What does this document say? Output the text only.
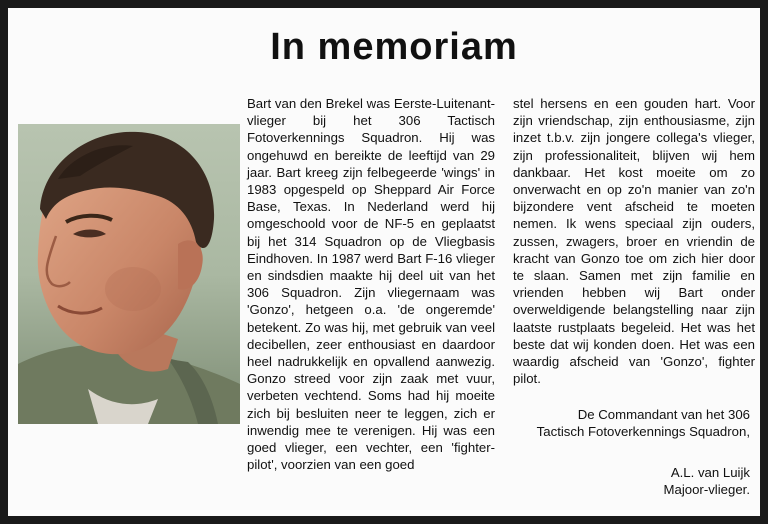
In memoriam

Bart van den Brekel was Eerste-Luitenant-vlieger bij het 306 Tactisch Fotoverkennings Squadron. Hij was ongehuwd en bereikte de leeftijd van 29 jaar. Bart kreeg zijn felbegeerde 'wings' in 1983 opgespeld op Sheppard Air Force Base, Texas. In Nederland werd hij omgeschoold voor de NF-5 en geplaatst bij het 314 Squadron op de Vliegbasis Eindhoven. In 1987 werd Bart F-16 vlieger en sindsdien maakte hij deel uit van het 306 Squadron. Zijn vliegernaam was 'Gonzo', hetgeen o.a. 'de ongeremde' betekent. Zo was hij, met gebruik van veel decibellen, zeer enthousiast en daardoor heel nadrukkelijk en opvallend aanwezig. Gonzo streed voor zijn zaak met vuur, verbeten vechtend. Soms had hij moeite zich bij besluiten neer te leggen, zich er inwendig mee te verenigen. Hij was een goed vlieger, een vechter, een 'fighter-pilot', voorzien van een goed

stel hersens en een gouden hart. Voor zijn vriendschap, zijn enthousiasme, zijn inzet t.b.v. zijn jongere collega's vlieger, zijn professionaliteit, blijven wij hem dankbaar. Het kost moeite om zo onverwacht en op zo'n manier van zo'n bijzondere vent afscheid te moeten nemen. Ik wens speciaal zijn ouders, zussen, zwagers, broer en vriendin de kracht van Gonzo toe om zich hier door te slaan. Samen met zijn familie en vrienden hebben wij Bart onder overweldigende belangstelling naar zijn laatste rustplaats begeleid. Het was het beste dat wij konden doen. Het was een waardig afscheid van 'Gonzo', fighter pilot.

De Commandant van het 306

Tactisch Fotoverkennings Squadron,

A.L. van Luijk

Majoor-vlieger.
